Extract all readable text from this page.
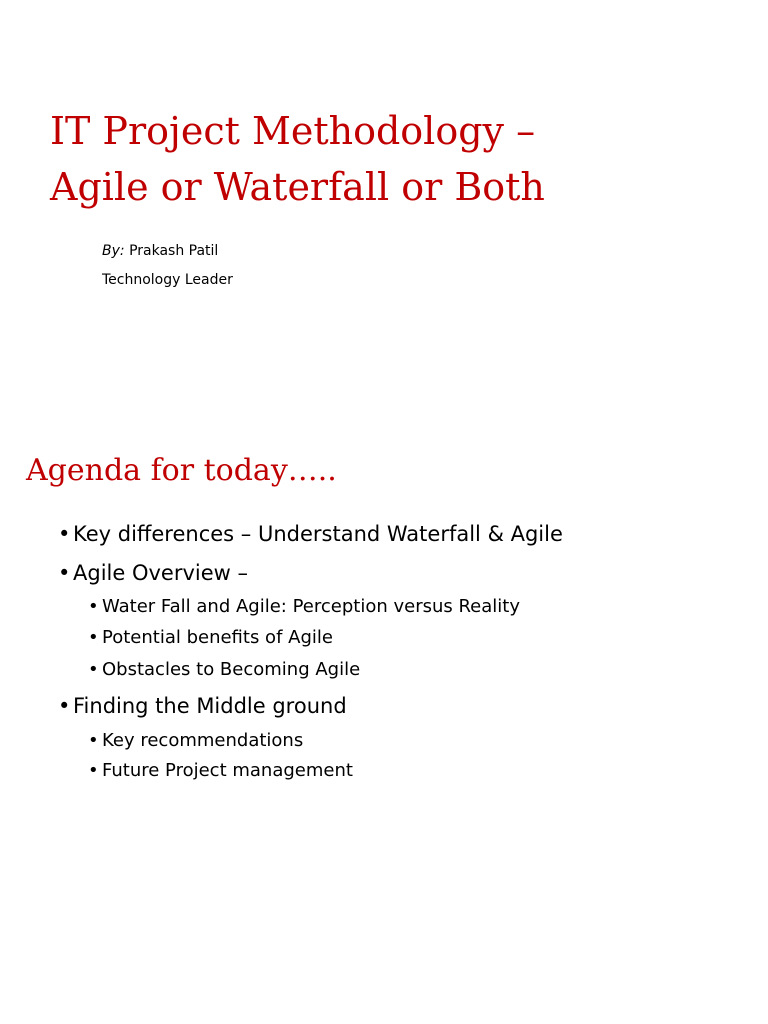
IT Project Methodology –
Agile or Waterfall or Both
By: Prakash Patil
Technology Leader
Agenda for today…..
• Key differences – Understand Waterfall & Agile
• Agile Overview –
• Water Fall and Agile: Perception versus Reality
• Potential benefits of Agile
• Obstacles to Becoming Agile
• Finding the Middle ground
• Key recommendations
• Future Project management
